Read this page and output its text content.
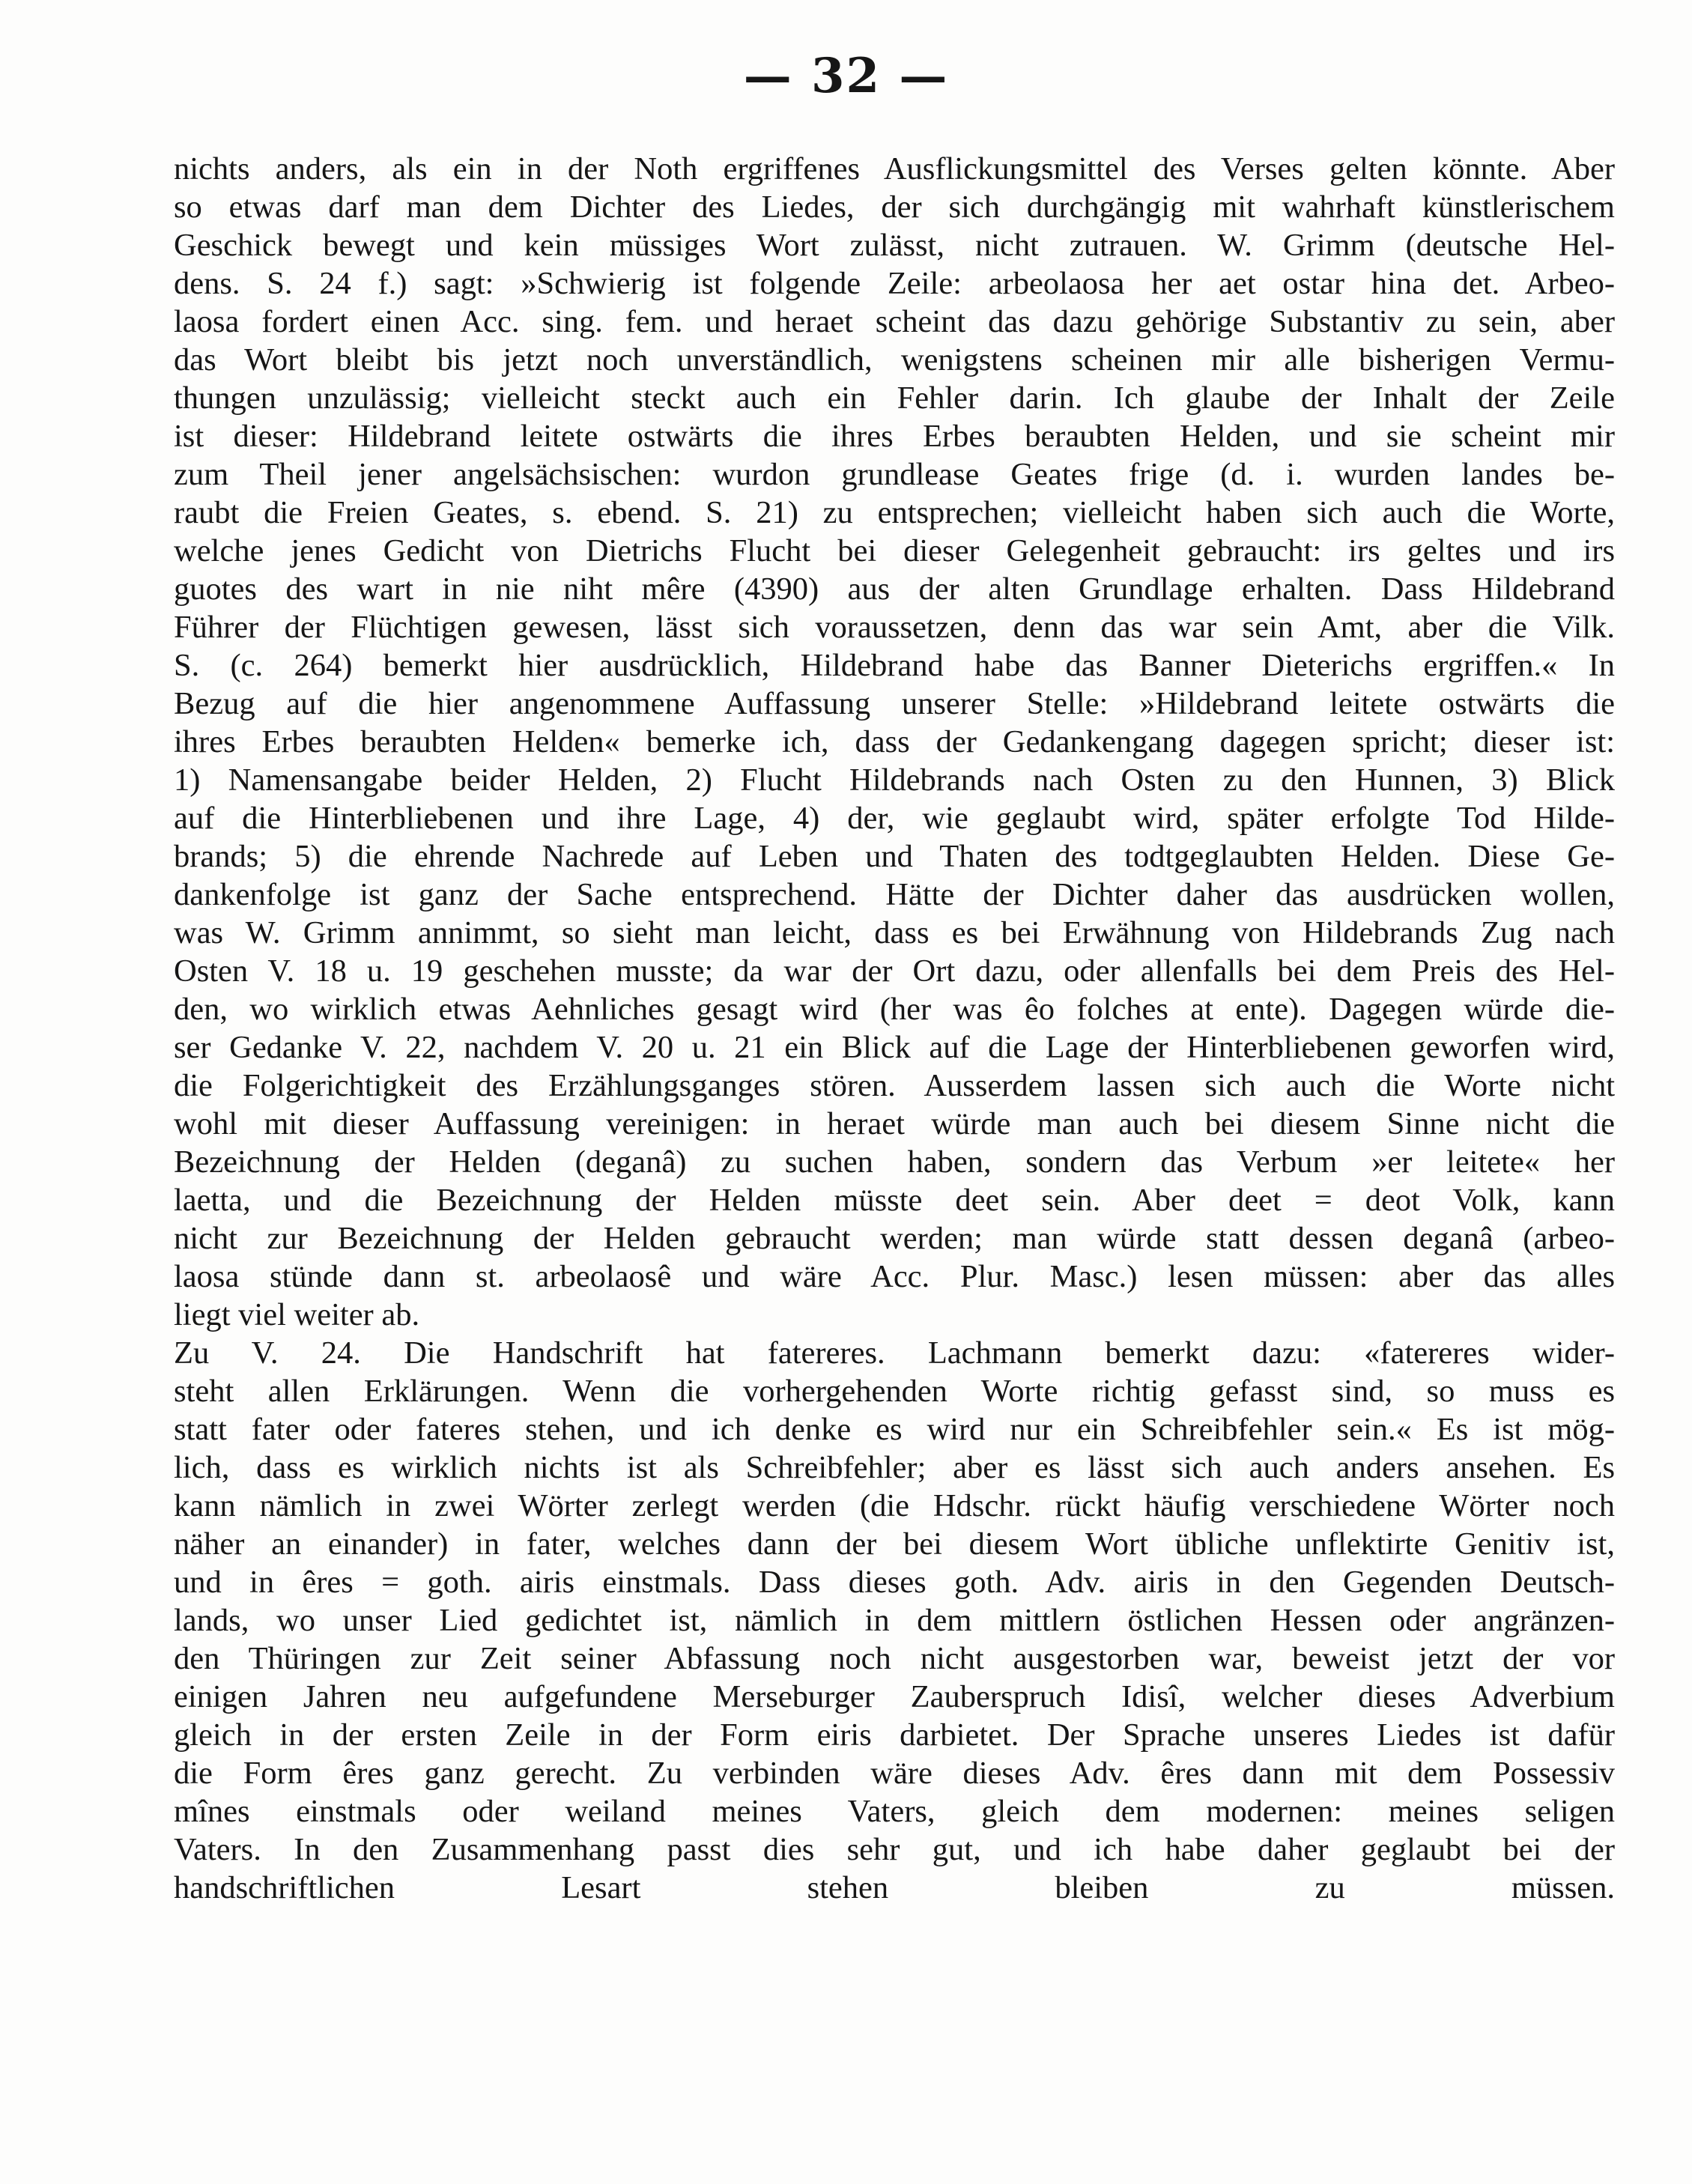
— 32 —
nichts anders, als ein in der Noth ergriffenes Ausflickungsmittel des Verses gelten könnte. Aber
so etwas darf man dem Dichter des Liedes, der sich durchgängig mit wahrhaft künstlerischem
Geschick bewegt und kein müssiges Wort zulässt, nicht zutrauen. W. Grimm (deutsche Hel-
dens. S. 24 f.) sagt: »Schwierig ist folgende Zeile: arbeolaosa her aet ostar hina det. Arbeo-
laosa fordert einen Acc. sing. fem. und heraet scheint das dazu gehörige Substantiv zu sein, aber
das Wort bleibt bis jetzt noch unverständlich, wenigstens scheinen mir alle bisherigen Vermu-
thungen unzulässig; vielleicht steckt auch ein Fehler darin. Ich glaube der Inhalt der Zeile
ist dieser: Hildebrand leitete ostwärts die ihres Erbes beraubten Helden, und sie scheint mir
zum Theil jener angelsächsischen: wurdon grundlease Geates frige (d. i. wurden landes be-
raubt die Freien Geates, s. ebend. S. 21) zu entsprechen; vielleicht haben sich auch die Worte,
welche jenes Gedicht von Dietrichs Flucht bei dieser Gelegenheit gebraucht: irs geltes und irs
guotes des wart in nie niht mêre (4390) aus der alten Grundlage erhalten. Dass Hildebrand
Führer der Flüchtigen gewesen, lässt sich voraussetzen, denn das war sein Amt, aber die Vilk.
S. (c. 264) bemerkt hier ausdrücklich, Hildebrand habe das Banner Dieterichs ergriffen.« In
Bezug auf die hier angenommene Auffassung unserer Stelle: »Hildebrand leitete ostwärts die
ihres Erbes beraubten Helden« bemerke ich, dass der Gedankengang dagegen spricht; dieser ist:
1) Namensangabe beider Helden, 2) Flucht Hildebrands nach Osten zu den Hunnen, 3) Blick
auf die Hinterbliebenen und ihre Lage, 4) der, wie geglaubt wird, später erfolgte Tod Hilde-
brands; 5) die ehrende Nachrede auf Leben und Thaten des todtgeglaubten Helden. Diese Ge-
dankenfolge ist ganz der Sache entsprechend. Hätte der Dichter daher das ausdrücken wollen,
was W. Grimm annimmt, so sieht man leicht, dass es bei Erwähnung von Hildebrands Zug nach
Osten V. 18 u. 19 geschehen musste; da war der Ort dazu, oder allenfalls bei dem Preis des Hel-
den, wo wirklich etwas Aehnliches gesagt wird (her was êo folches at ente). Dagegen würde die-
ser Gedanke V. 22, nachdem V. 20 u. 21 ein Blick auf die Lage der Hinterbliebenen geworfen wird,
die Folgerichtigkeit des Erzählungsganges stören. Ausserdem lassen sich auch die Worte nicht
wohl mit dieser Auffassung vereinigen: in heraet würde man auch bei diesem Sinne nicht die
Bezeichnung der Helden (deganâ) zu suchen haben, sondern das Verbum »er leitete« her
laetta, und die Bezeichnung der Helden müsste deet sein. Aber deet = deot Volk, kann
nicht zur Bezeichnung der Helden gebraucht werden; man würde statt dessen deganâ (arbeo-
laosa stünde dann st. arbeolaosê und wäre Acc. Plur. Masc.) lesen müssen: aber das alles
liegt viel weiter ab.
Zu V. 24. Die Handschrift hat fatereres. Lachmann bemerkt dazu: «fatereres wider-
steht allen Erklärungen. Wenn die vorhergehenden Worte richtig gefasst sind, so muss es
statt fater oder fateres stehen, und ich denke es wird nur ein Schreibfehler sein.« Es ist mög-
lich, dass es wirklich nichts ist als Schreibfehler; aber es lässt sich auch anders ansehen. Es
kann nämlich in zwei Wörter zerlegt werden (die Hdschr. rückt häufig verschiedene Wörter noch
näher an einander) in fater, welches dann der bei diesem Wort übliche unflektirte Genitiv ist,
und in êres = goth. airis einstmals. Dass dieses goth. Adv. airis in den Gegenden Deutsch-
lands, wo unser Lied gedichtet ist, nämlich in dem mittlern östlichen Hessen oder angränzen-
den Thüringen zur Zeit seiner Abfassung noch nicht ausgestorben war, beweist jetzt der vor
einigen Jahren neu aufgefundene Merseburger Zauberspruch Idisî, welcher dieses Adverbium
gleich in der ersten Zeile in der Form eiris darbietet. Der Sprache unseres Liedes ist dafür
die Form êres ganz gerecht. Zu verbinden wäre dieses Adv. êres dann mit dem Possessiv
mînes einstmals oder weiland meines Vaters, gleich dem modernen: meines seligen
Vaters. In den Zusammenhang passt dies sehr gut, und ich habe daher geglaubt bei der
handschriftlichen Lesart stehen bleiben zu müssen.
